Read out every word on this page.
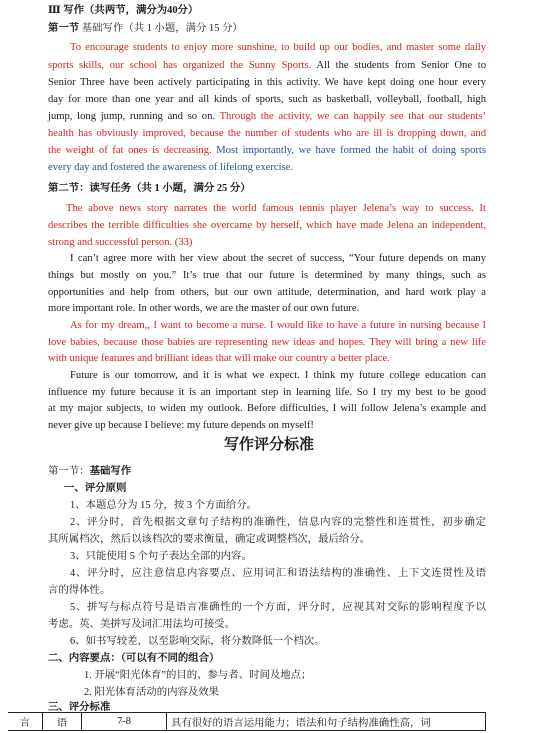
Ⅲ 写作（共两节，满分为40分）
第一节 基础写作（共 1 小题，满分 15 分）
To encourage students to enjoy more sunshine, to build up our bodies, and master some daily
sports skills, our school has organized the Sunny Sports. All the students from Senior One to
Senior Three have been actively participating in this activity. We have kept doing one hour every
day for more than one year and all kinds of sports, such as basketball, volleyball, football, high
jump, long jump, running and so on. Through the activity, we can happily see that our students’
health has obviously improved, because the number of students who are ill is dropping down, and
the weight of fat ones is decreasing. Most importantly, we have formed the habit of doing sports
every day and fostered the awareness of lifelong exercise.
第二节：读写任务（共 1 小题，满分 25 分）
The above news story narrates the world famous tennis player Jelena’s way to success. It
describes the terrible difficulties she overcame by herself, which have made Jelena an independent,
strong and successful person. (33)
I can’t agree more with her view about the secret of success, “Your future depends on many
things but mostly on you.” It’s true that our future is determined by many things, such as
opportunities and help from others, but our own attitude, determination, and hard work play a
more important role. In other words, we are the master of our own future.
As for my dream,, I want to become a nurse. I would like to have a future in nursing because I
love babies, because those babies are representing new ideas and hopes. They will bring a new life
with unique features and brilliant ideas that will make our country a better place.
Future is our tomorrow, and it is what we expect. I think my future college education can
influence my future because it is an important step in learning life. So I try my best to be good
at my major subjects, to widen my outlook. Before difficulties, I will follow Jelena’s example and
never give up because I believe: my future depends on myself!
写作评分标准
第一节：基础写作
一、评分原则
1、本题总分为 15 分，按 3 个方面给分。
2、评分时，首先根据文章句子结构的准确性，信息内容的完整性和连贯性，初步确定
其所属档次，然后以该档次的要求衡量，确定或调整档次，最后给分。
3、只能使用 5 个句子表达全部的内容。
4、评分时，应注意信息内容要点、应用词汇和语法结构的准确性、上下文连贯性及语
言的得体性。
5、拼写与标点符号是语言准确性的一个方面，评分时，应视其对交际的影响程度予以
考虑。英、美拼写及词汇用法均可接受。
6、如书写较差，以至影响交际，将分数降低一个档次。
二、内容要点：（可以有不同的组合）
1. 开展“阳光体育”的目的、参与者、时间及地点；
2. 阳光体育活动的内容及效果
三、评分标准
言	语	7-8	具有很好的语言运用能力；语法和句子结构准确性高，词
